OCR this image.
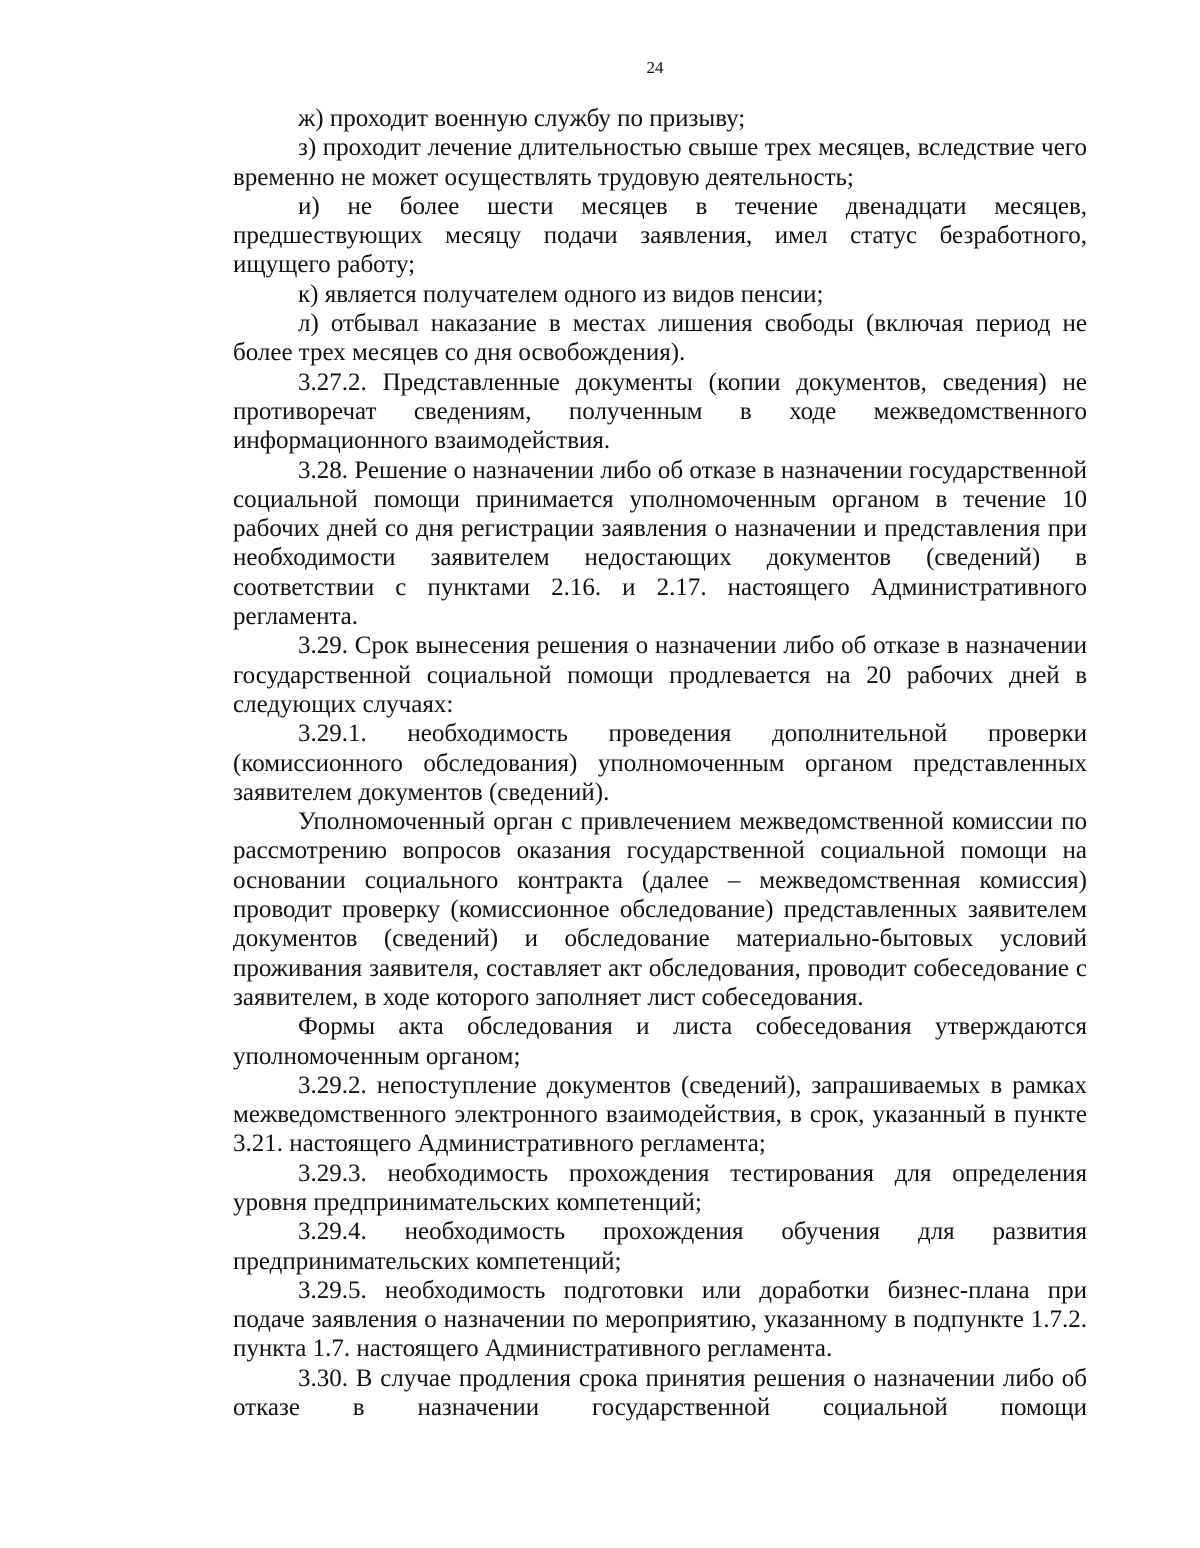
24

ж) проходит военную службу по призыву;

з) проходит лечение длительностью свыше трех месяцев, вследствие чего временно не может осуществлять трудовую деятельность;

и) не более шести месяцев в течение двенадцати месяцев, предшествующих месяцу подачи заявления, имел статус безработного, ищущего работу;

к) является получателем одного из видов пенсии;

л) отбывал наказание в местах лишения свободы (включая период не более трех месяцев со дня освобождения).

3.27.2. Представленные документы (копии документов, сведения) не противоречат сведениям, полученным в ходе межведомственного информационного взаимодействия.

3.28. Решение о назначении либо об отказе в назначении государственной социальной помощи принимается уполномоченным органом в течение 10 рабочих дней со дня регистрации заявления о назначении и представления при необходимости заявителем недостающих документов (сведений) в соответствии с пунктами 2.16. и 2.17. настоящего Административного регламента.

3.29. Срок вынесения решения о назначении либо об отказе в назначении государственной социальной помощи продлевается на 20 рабочих дней в следующих случаях:

3.29.1. необходимость проведения дополнительной проверки (комиссионного обследования) уполномоченным органом представленных заявителем документов (сведений).

Уполномоченный орган с привлечением межведомственной комиссии по рассмотрению вопросов оказания государственной социальной помощи на основании социального контракта (далее – межведомственная комиссия) проводит проверку (комиссионное обследование) представленных заявителем документов (сведений) и обследование материально-бытовых условий проживания заявителя, составляет акт обследования, проводит собеседование с заявителем, в ходе которого заполняет лист собеседования.

Формы акта обследования и листа собеседования утверждаются уполномоченным органом;

3.29.2. непоступление документов (сведений), запрашиваемых в рамках межведомственного электронного взаимодействия, в срок, указанный в пункте 3.21. настоящего Административного регламента;

3.29.3. необходимость прохождения тестирования для определения уровня предпринимательских компетенций;

3.29.4. необходимость прохождения обучения для развития предпринимательских компетенций;

3.29.5. необходимость подготовки или доработки бизнес-плана при подаче заявления о назначении по мероприятию, указанному в подпункте 1.7.2. пункта 1.7. настоящего Административного регламента.

3.30. В случае продления срока принятия решения о назначении либо об отказе в назначении государственной социальной помощи
